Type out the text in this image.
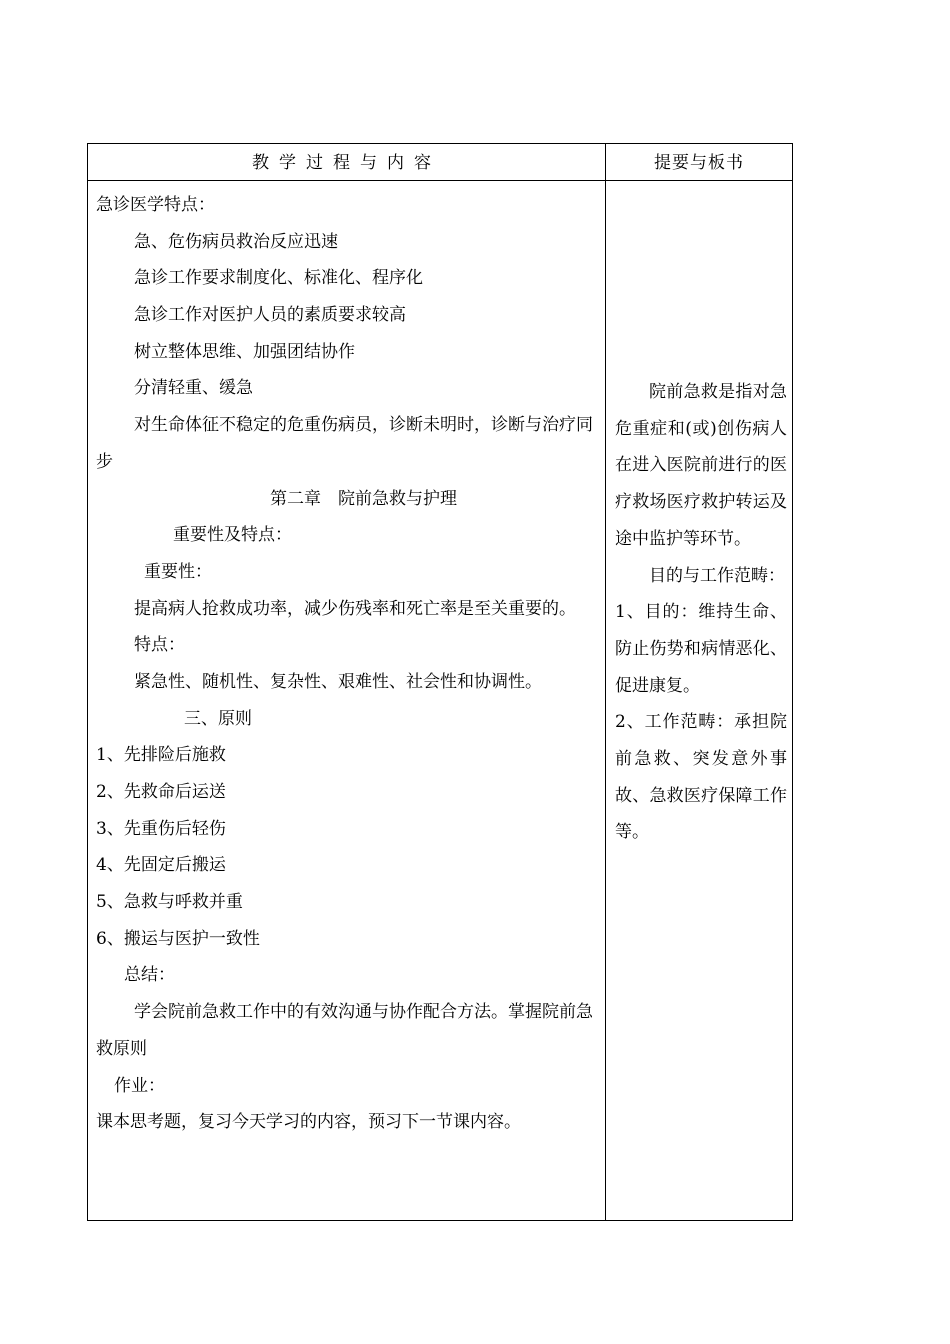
教学过程与内容	提要与板书
急诊医学特点：
急、危伤病员救治反应迅速
急诊工作要求制度化、标准化、程序化
急诊工作对医护人员的素质要求较高
树立整体思维、加强团结协作
分清轻重、缓急
对生命体征不稳定的危重伤病员，诊断未明时，诊断与治疗同步
第二章　院前急救与护理
重要性及特点：
重要性：
提高病人抢救成功率，减少伤残率和死亡率是至关重要的。
特点：
紧急性、随机性、复杂性、艰难性、社会性和协调性。
三、原则
1、先排险后施救
2、先救命后运送
3、先重伤后轻伤
4、先固定后搬运
5、急救与呼救并重
6、搬运与医护一致性
总结：
学会院前急救工作中的有效沟通与协作配合方法。掌握院前急救原则
作业：
课本思考题，复习今天学习的内容，预习下一节课内容。

院前急救是指对急危重症和(或)创伤病人在进入医院前进行的医疗救场医疗救护转运及途中监护等环节。

目的与工作范畴：

1、目的：维持生命、防止伤势和病情恶化、促进康复。

2、工作范畴：承担院前急救、突发意外事故、急救医疗保障工作等。
